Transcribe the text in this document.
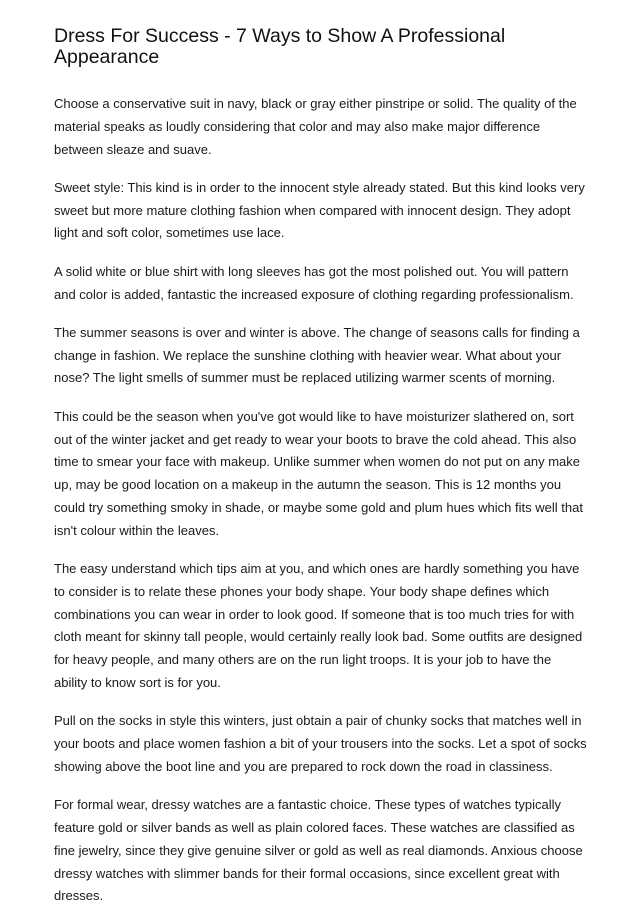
Dress For Success - 7 Ways to Show A Professional Appearance

Choose a conservative suit in navy, black or gray either pinstripe or solid. The quality of the material speaks as loudly considering that color and may also make major difference between sleaze and suave.

Sweet style: This kind is in order to the innocent style already stated. But this kind looks very sweet but more mature clothing fashion when compared with innocent design. They adopt light and soft color, sometimes use lace.

A solid white or blue shirt with long sleeves has got the most polished out. You will pattern and color is added, fantastic the increased exposure of clothing regarding professionalism.

The summer seasons is over and winter is above. The change of seasons calls for finding a change in fashion. We replace the sunshine clothing with heavier wear. What about your nose? The light smells of summer must be replaced utilizing warmer scents of morning.

This could be the season when you've got would like to have moisturizer slathered on, sort out of the winter jacket and get ready to wear your boots to brave the cold ahead. This also time to smear your face with makeup. Unlike summer when women do not put on any make up, may be good location on a makeup in the autumn the season. This is 12 months you could try something smoky in shade, or maybe some gold and plum hues which fits well that isn't colour within the leaves.

The easy understand which tips aim at you, and which ones are hardly something you have to consider is to relate these phones your body shape. Your body shape defines which combinations you can wear in order to look good. If someone that is too much tries for with cloth meant for skinny tall people, would certainly really look bad. Some outfits are designed for heavy people, and many others are on the run light troops. It is your job to have the ability to know sort is for you.

Pull on the socks in style this winters, just obtain a pair of chunky socks that matches well in your boots and place women fashion a bit of your trousers into the socks. Let a spot of socks showing above the boot line and you are prepared to rock down the road in classiness.

For formal wear, dressy watches are a fantastic choice. These types of watches typically feature gold or silver bands as well as plain colored faces. These watches are classified as fine jewelry, since they give genuine silver or gold as well as real diamonds. Anxious choose dressy watches with slimmer bands for their formal occasions, since excellent great with dresses.
